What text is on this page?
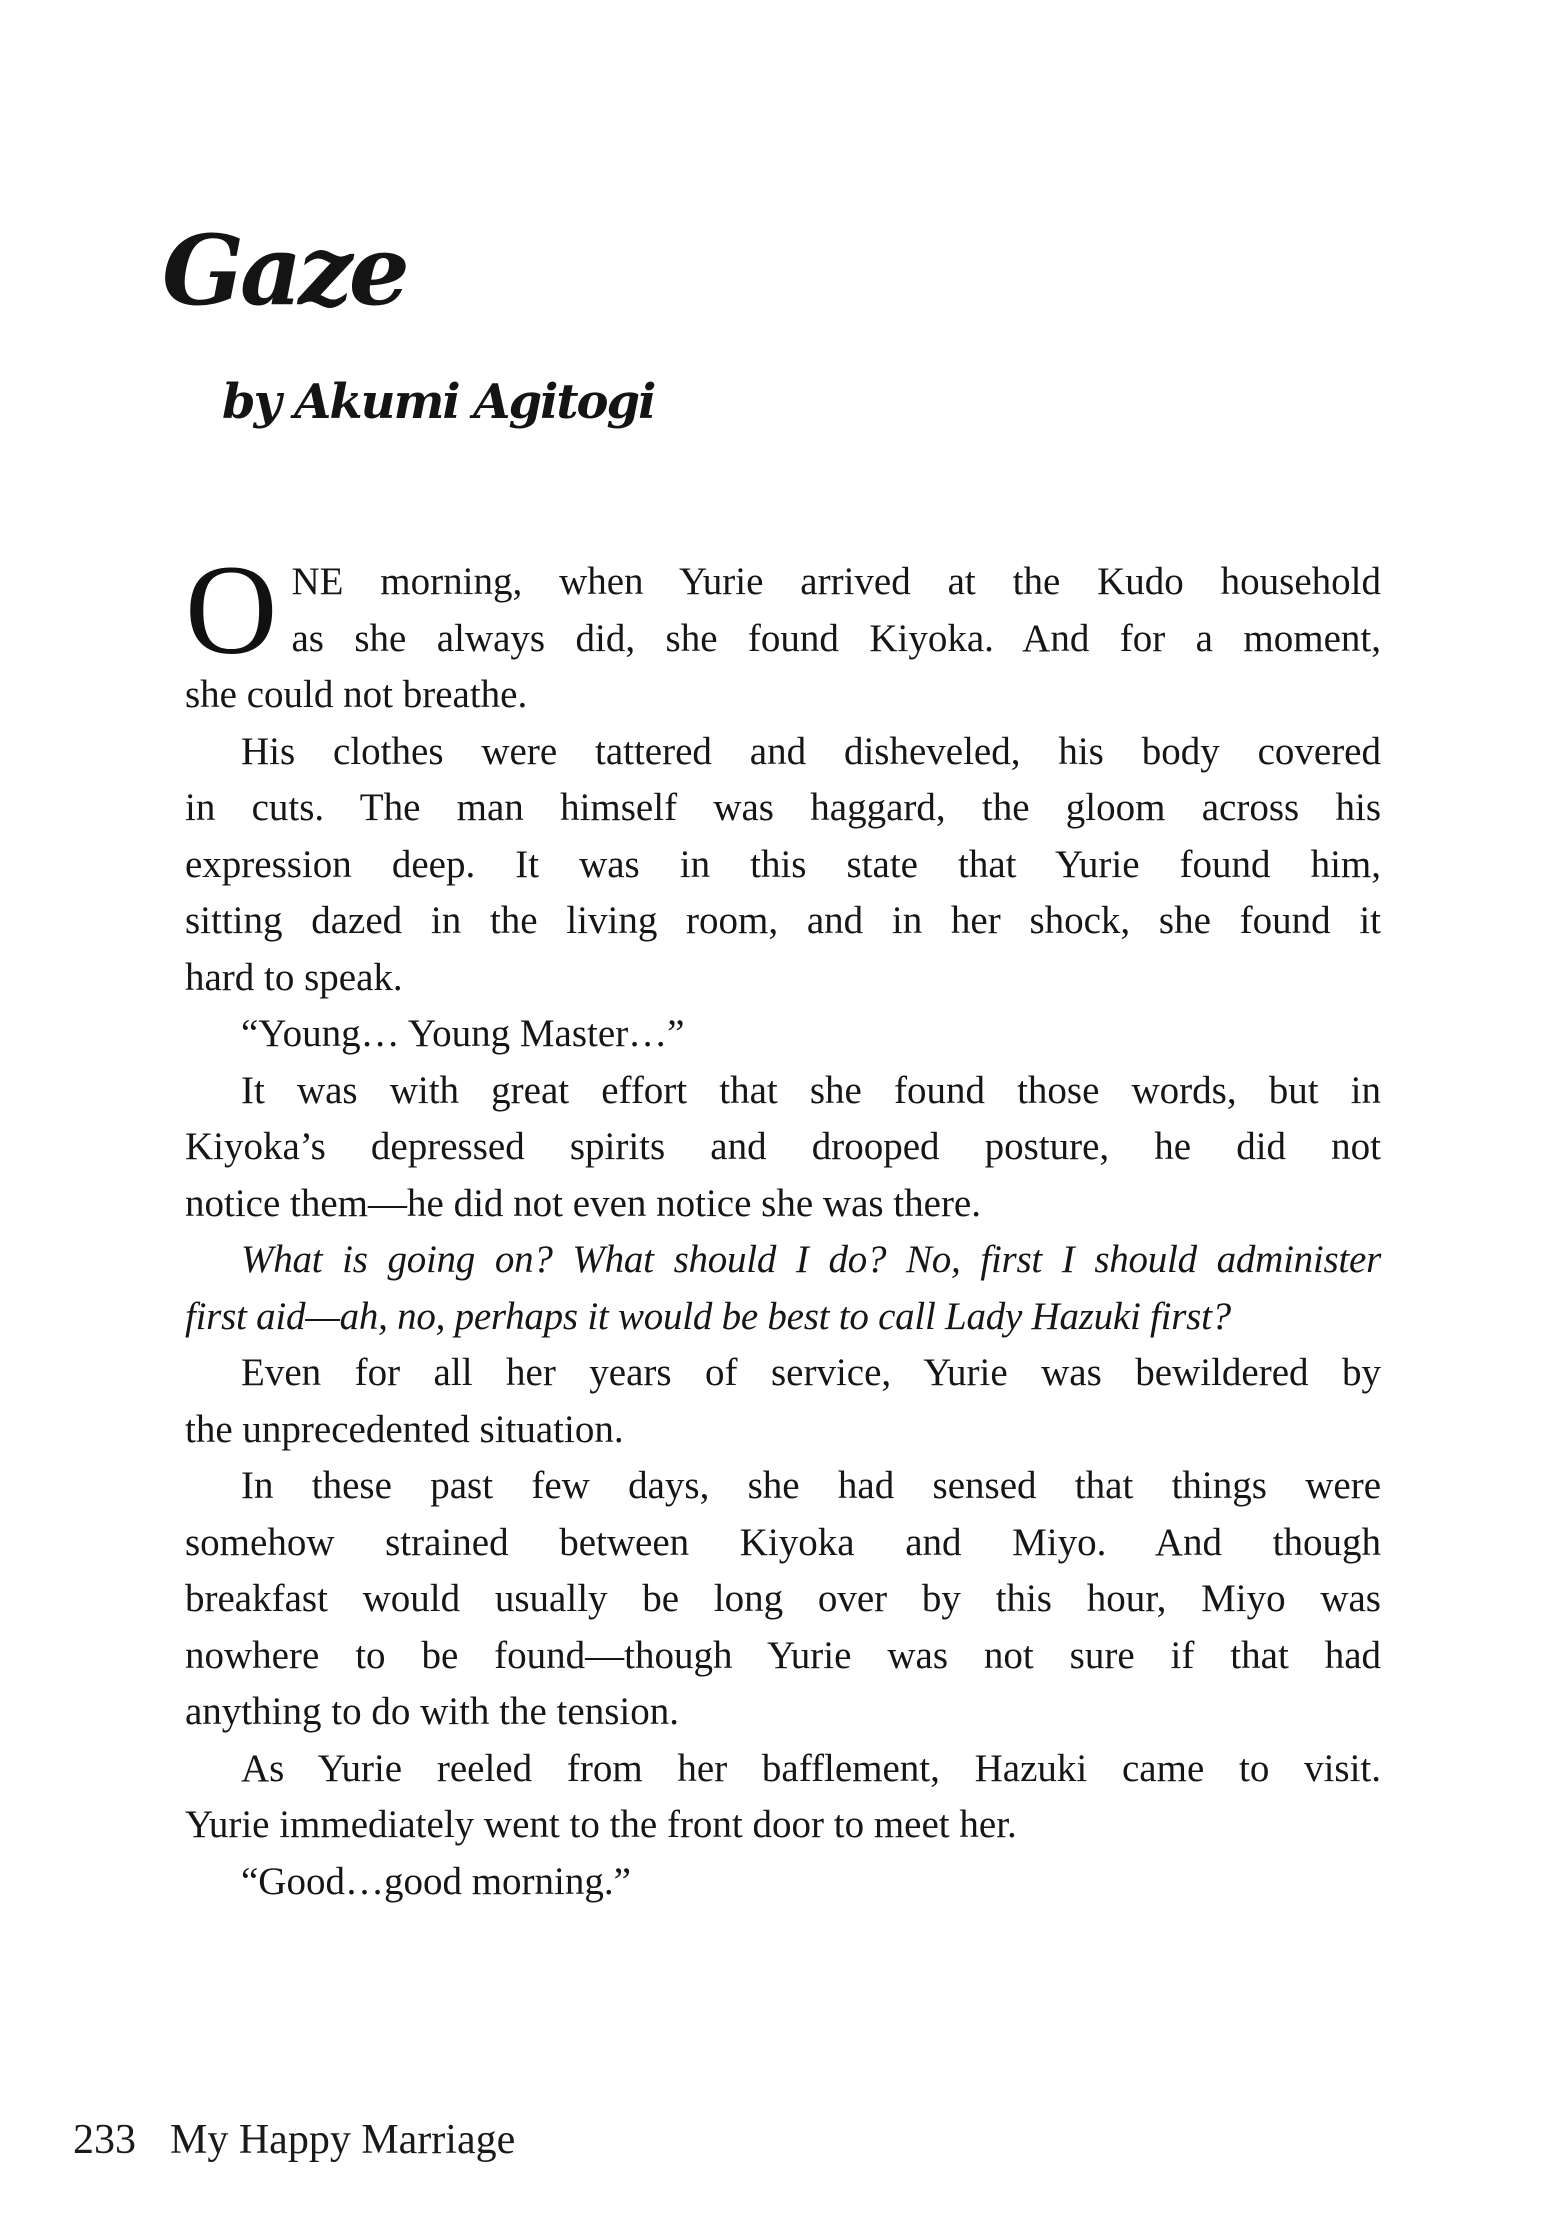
Gaze
by Akumi Agitogi
O NE morning, when Yurie arrived at the Kudo household
as she always did, she found Kiyoka. And for a moment,
she could not breathe.
His clothes were tattered and disheveled, his body covered
in cuts. The man himself was haggard, the gloom across his
expression deep. It was in this state that Yurie found him,
sitting dazed in the living room, and in her shock, she found it
hard to speak.
“Young… Young Master…”
It was with great effort that she found those words, but in
Kiyoka’s depressed spirits and drooped posture, he did not
notice them—he did not even notice she was there.
What is going on? What should I do? No, first I should administer
first aid—ah, no, perhaps it would be best to call Lady Hazuki first?
Even for all her years of service, Yurie was bewildered by
the unprecedented situation.
In these past few days, she had sensed that things were
somehow strained between Kiyoka and Miyo. And though
breakfast would usually be long over by this hour, Miyo was
nowhere to be found—though Yurie was not sure if that had
anything to do with the tension.
As Yurie reeled from her bafflement, Hazuki came to visit.
Yurie immediately went to the front door to meet her.
“Good…good morning.”
233 My Happy Marriage
